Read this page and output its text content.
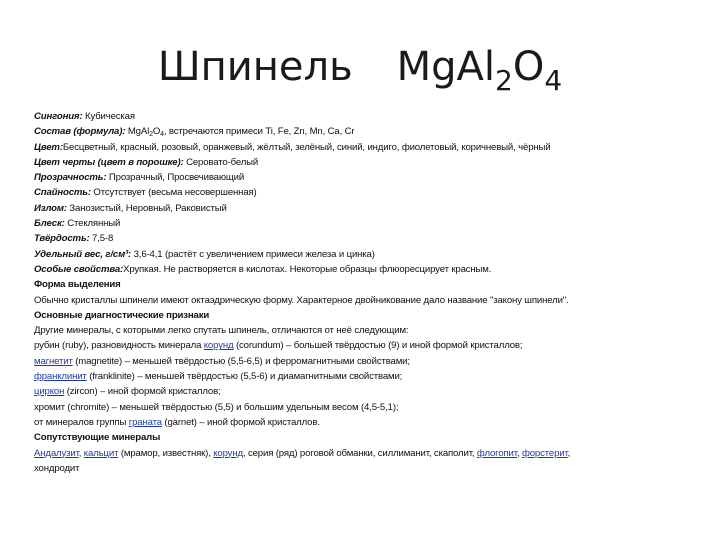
Шпинель $MgAl_2O_4$
Сингония: Кубическая
Состав (формула): $MgAl_2O_4$, встречаются примеси Ti, Fe, Zn, Mn, Ca, Cr
Цвет:Бесцветный, красный, розовый, оранжевый, жёлтый, зелёный, синий, индиго, фиолетовый, коричневый, чёрный
Цвет черты (цвет в порошке): Серовато-белый
Прозрачность: Прозрачный, Просвечивающий
Спайность: Отсутствует (весьма несовершенная)
Излом: Занозистый, Неровный, Раковистый
Блеск: Стеклянный
Твёрдость: 7,5-8
Удельный вес, г/см³: 3,6-4,1 (растёт с увеличением примеси железа и цинка)
Особые свойства:Хрупкая. Не растворяется в кислотах. Некоторые образцы флюоресцирует красным.
Форма выделения
Обычно кристаллы шпинели имеют октаэдрическую форму. Характерное двойникование дало название "закону шпинели".
Основные диагностические признаки
Другие минералы, с которыми легко спутать шпинель, отличаются от неё следующим:
рубин (ruby), разновидность минерала корунд (corundum) – большей твёрдостью (9) и иной формой кристаллов;
магнетит (magnetite) – меньшей твёрдостью (5,5-6,5) и ферромагнитными свойствами;
франклинит (franklinite) – меньшей твёрдостью (5,5-6) и диамагнитными свойствами;
циркон (zircon) – иной формой кристаллов;
хромит (chromite) – меньшей твёрдостью (5,5) и большим удельным весом (4,5-5,1);
от минералов группы граната (garnet) – иной формой кристаллов.
Сопутствующие минералы
Андалузит, кальцит (мрамор, известняк), корунд, серия (ряд) роговой обманки, силлиманит, скаполит, флогопит, форстерит,
хондродит
